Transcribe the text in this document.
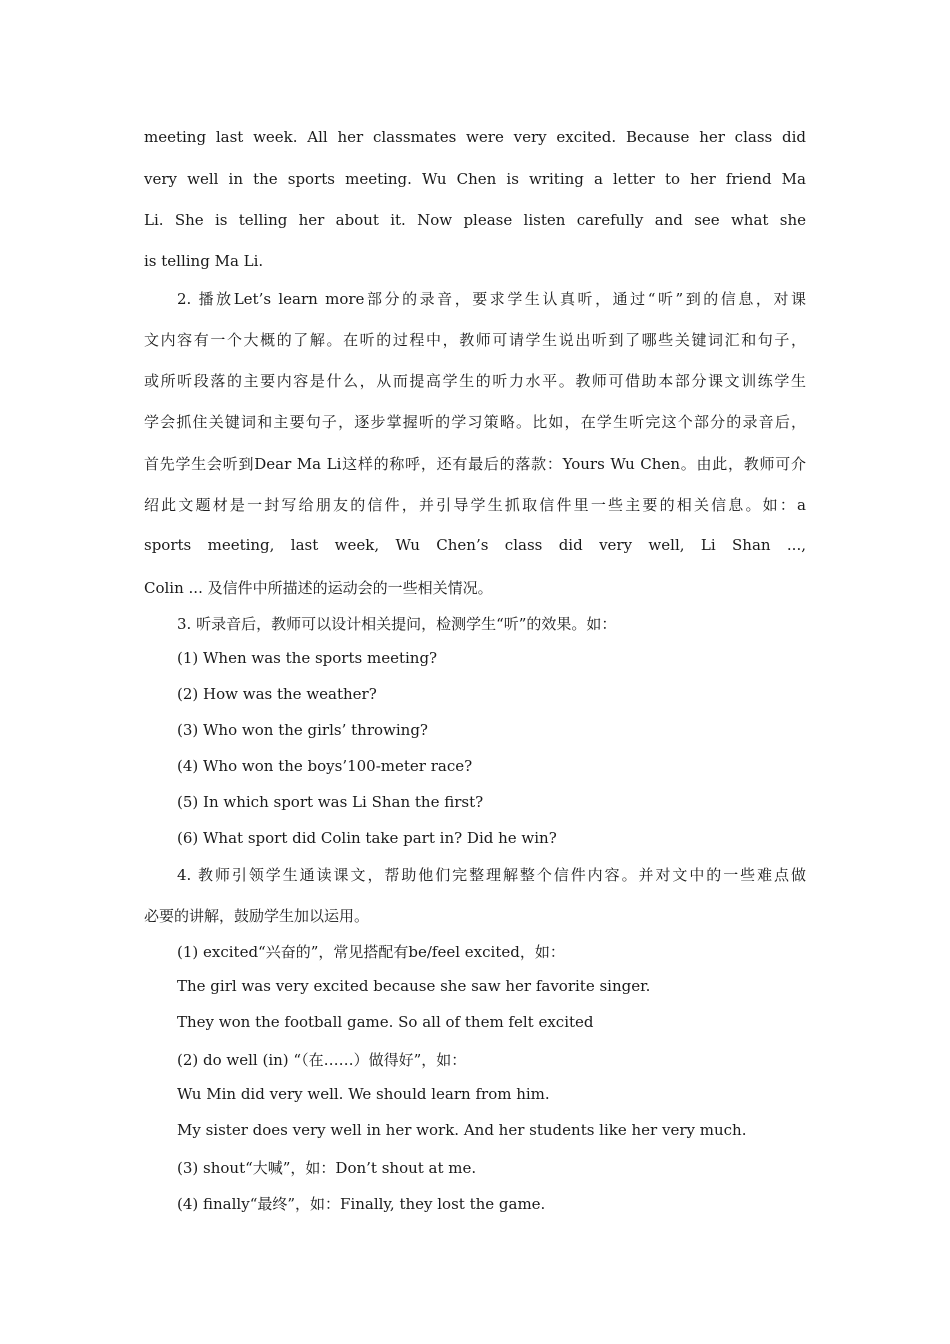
meeting last week. All her classmates were very excited. Because her class did
very well in the sports meeting. Wu Chen is writing a letter to her friend Ma
Li. She is telling her about it. Now please listen carefully and see what she
is telling Ma Li.
2. 播放Let’s learn more部分的录音，要求学生认真听，通过“听”到的信息，对课
文内容有一个大概的了解。在听的过程中，教师可请学生说出听到了哪些关键词汇和句子，
或所听段落的主要内容是什么，从而提高学生的听力水平。教师可借助本部分课文训练学生
学会抓住关键词和主要句子，逐步掌握听的学习策略。比如，在学生听完这个部分的录音后，
首先学生会听到Dear Ma Li这样的称呼，还有最后的落款：Yours Wu Chen。由此，教师可介
绍此文题材是一封写给朋友的信件，并引导学生抓取信件里一些主要的相关信息。如：a
sports meeting, last week, Wu Chen’s class did very well, Li Shan ...,
Colin ... 及信件中所描述的运动会的一些相关情况。
3. 听录音后，教师可以设计相关提问，检测学生“听”的效果。如：
(1) When was the sports meeting?
(2) How was the weather?
(3) Who won the girls’ throwing?
(4) Who won the boys’100-meter race?
(5) In which sport was Li Shan the first?
(6) What sport did Colin take part in? Did he win?
4. 教师引领学生通读课文，帮助他们完整理解整个信件内容。并对文中的一些难点做
必要的讲解，鼓励学生加以运用。
(1) excited“兴奋的”，常见搭配有be/feel excited，如：
The girl was very excited because she saw her favorite singer.
They won the football game. So all of them felt excited
(2) do well (in) “（在……）做得好”，如：
Wu Min did very well. We should learn from him.
My sister does very well in her work. And her students like her very much.
(3) shout“大喊”，如：Don’t shout at me.
(4) finally“最终”，如：Finally, they lost the game.
